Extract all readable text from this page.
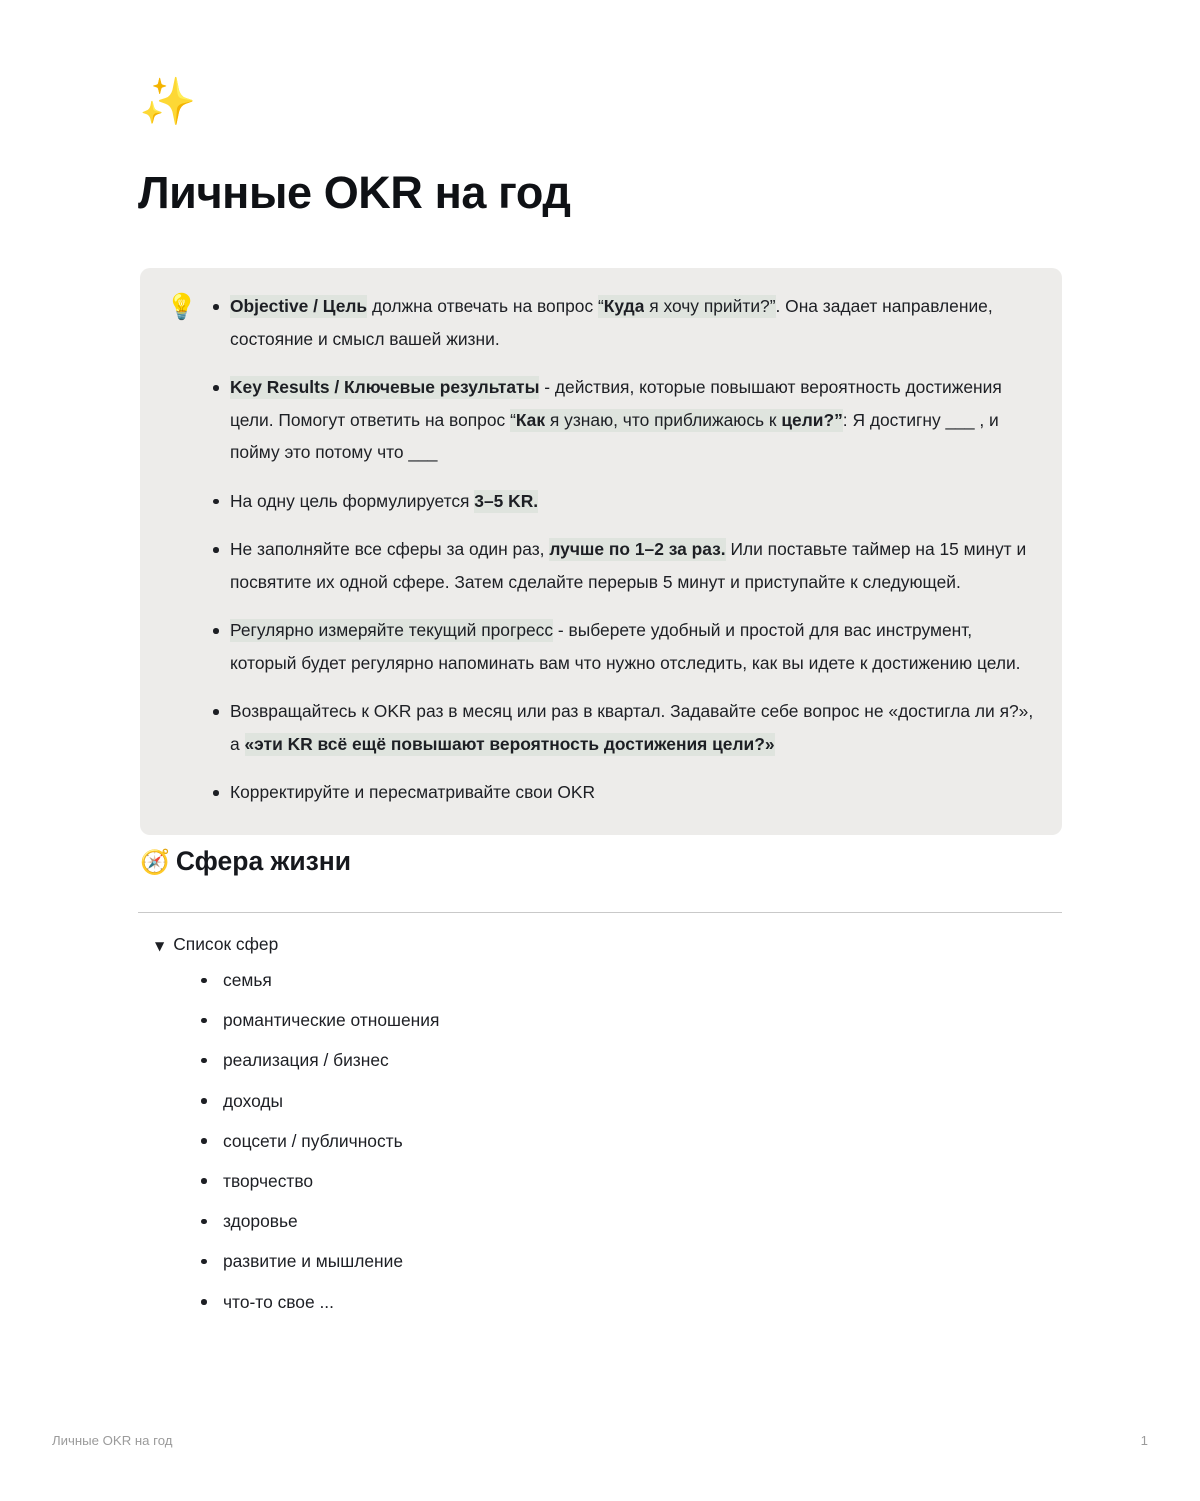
✨
Личные OKR на год
💡 Objective / Цель должна отвечать на вопрос “Куда я хочу прийти?”. Она задает направление, состояние и смысл вашей жизни.
Key Results / Ключевые результаты - действия, которые повышают вероятность достижения цели. Помогут ответить на вопрос “Как я узнаю, что приближаюсь к цели?”: Я достигну ___ , и пойму это потому что ___
На одну цель формулируется 3–5 KR.
Не заполняйте все сферы за один раз, лучше по 1–2 за раз. Или поставьте таймер на 15 минут и посвятите их одной сфере. Затем сделайте перерыв 5 минут и приступайте к следующей.
Регулярно измеряйте текущий прогресс - выберете удобный и простой для вас инструмент, который будет регулярно напоминать вам что нужно отследить, как вы идете к достижению цели.
Возвращайтесь к OKR раз в месяц или раз в квартал. Задавайте себе вопрос не «достигла ли я?», а «эти KR всё ещё повышают вероятность достижения цели?»
Корректируйте и пересматривайте свои OKR
🧭 Сфера жизни
▼ Список сфер
семья
романтические отношения
реализация / бизнес
доходы
соцсети / публичность
творчество
здоровье
развитие и мышление
что-то свое ...
Личные OKR на год	1
